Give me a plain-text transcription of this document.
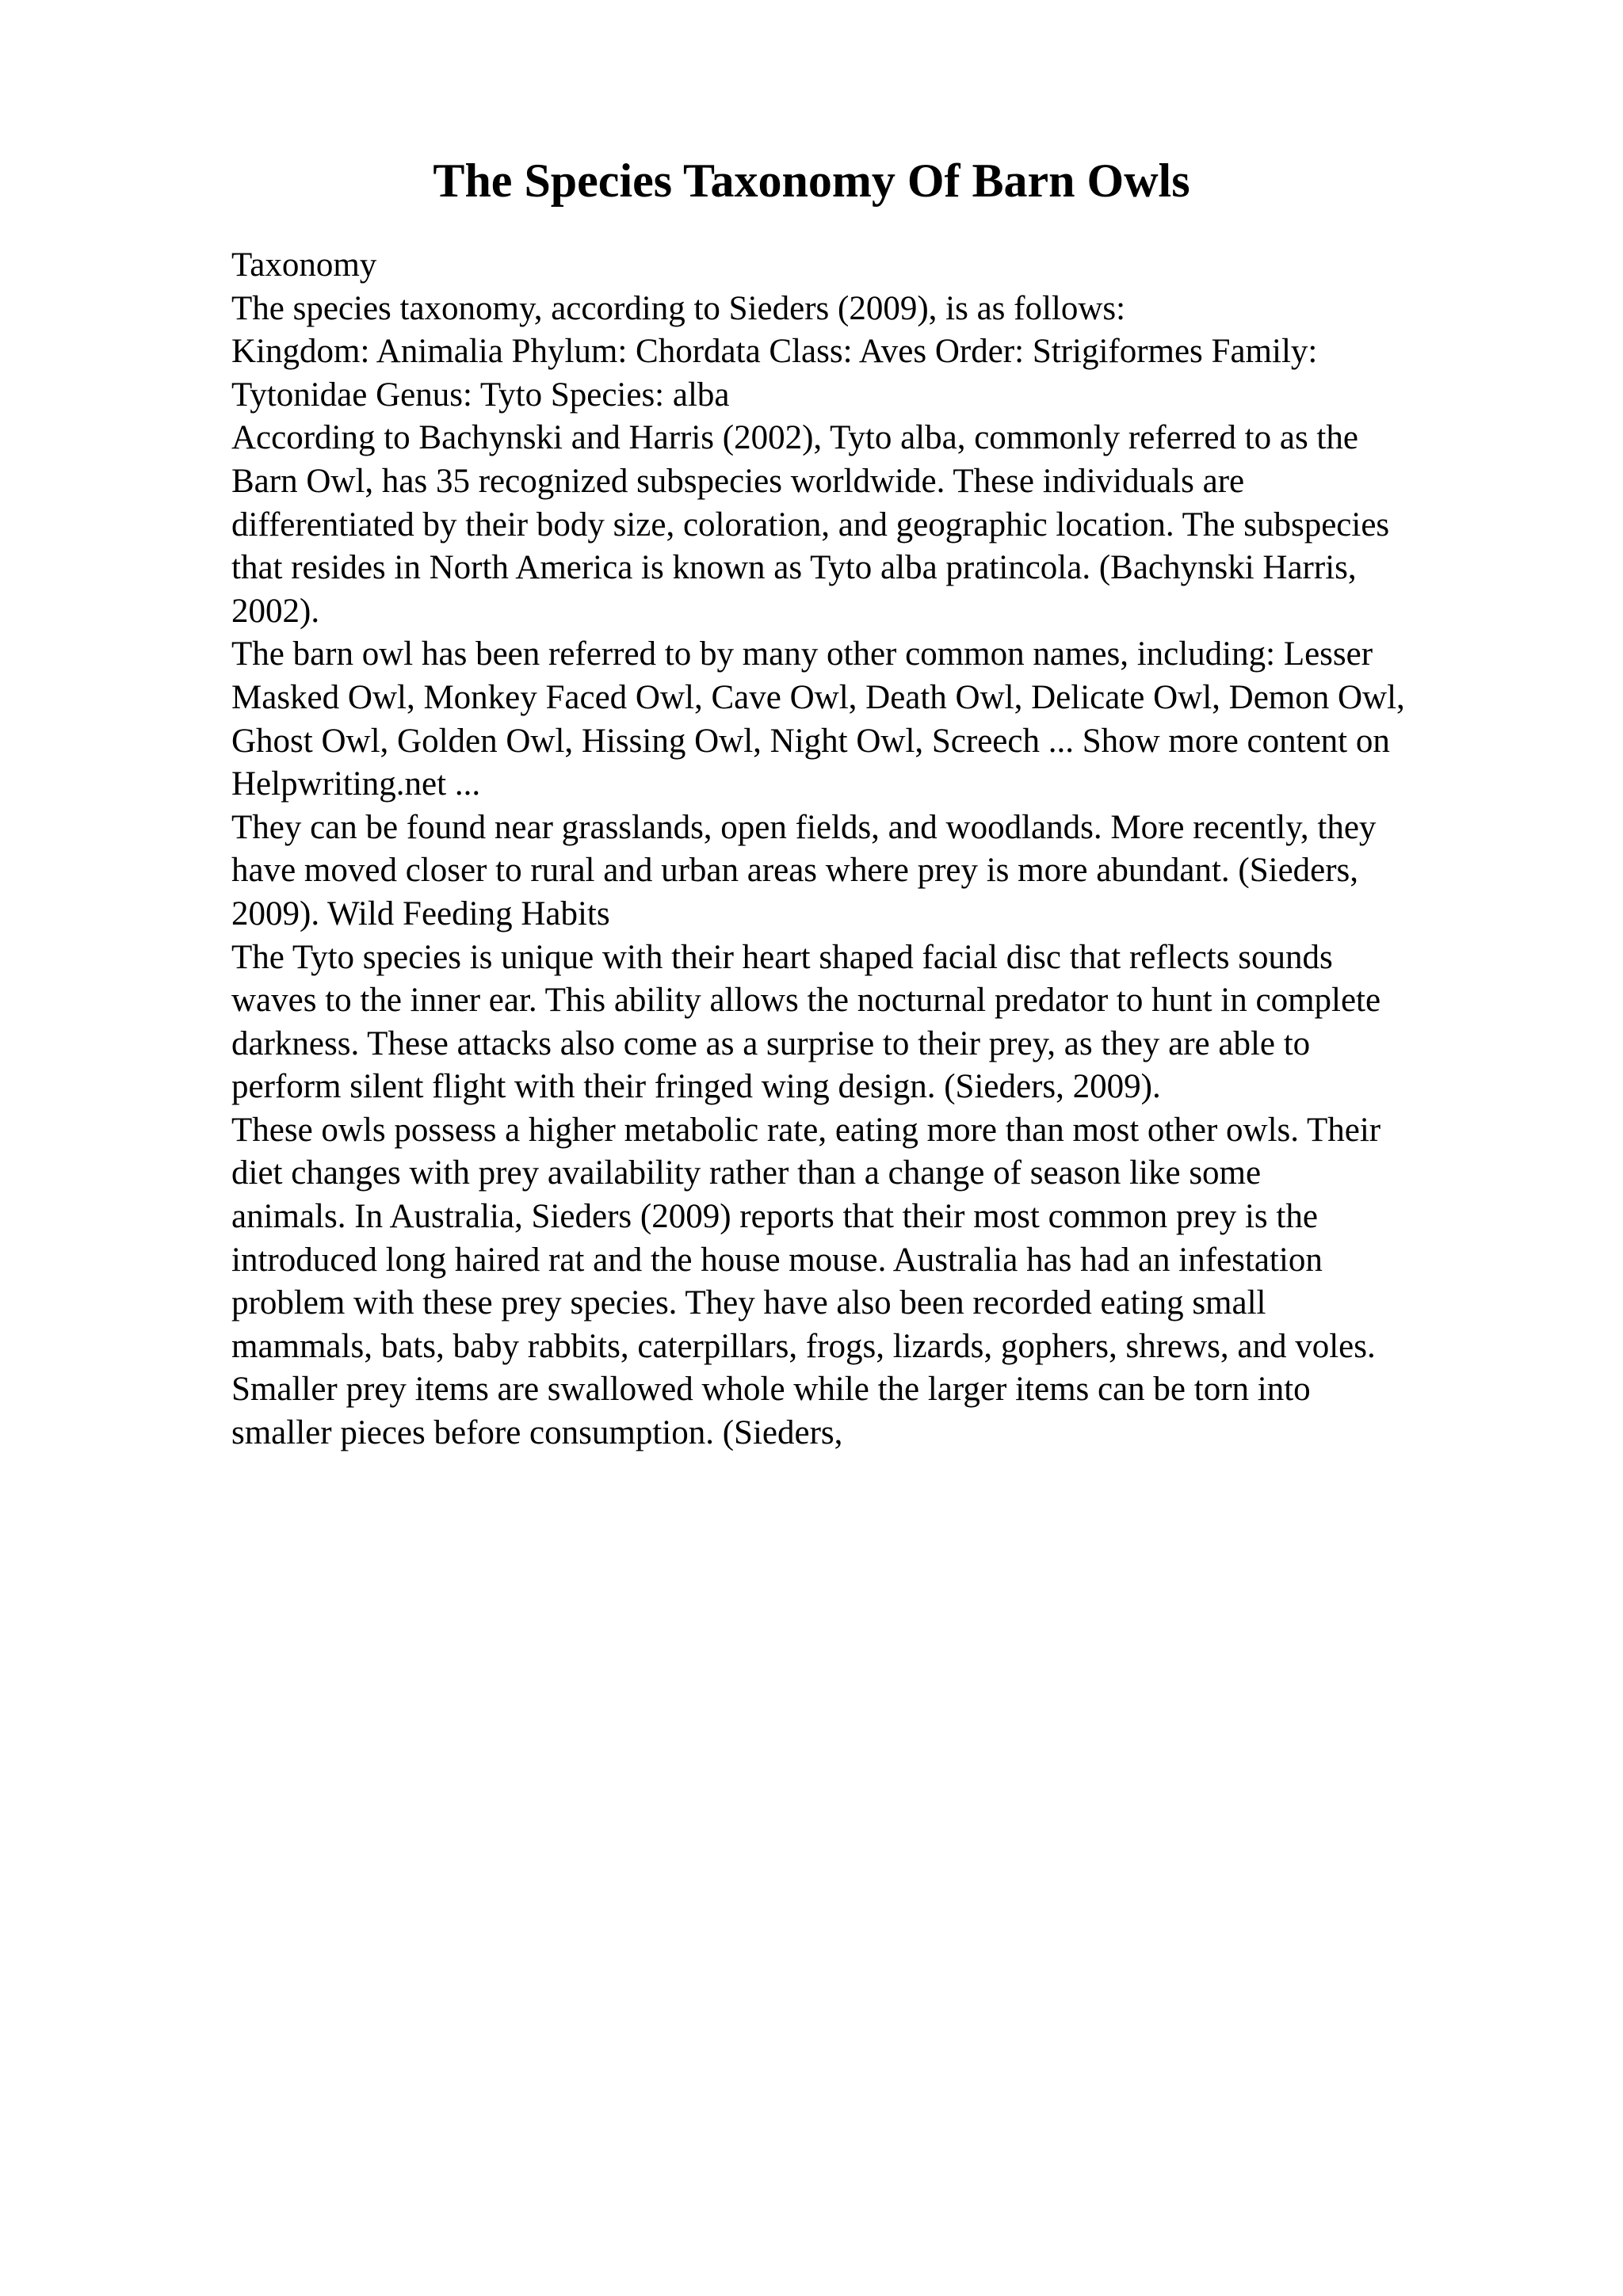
The Species Taxonomy Of Barn Owls
Taxonomy
The species taxonomy, according to Sieders (2009), is as follows:
Kingdom: Animalia Phylum: Chordata Class: Aves Order: Strigiformes Family:
Tytonidae Genus: Tyto Species: alba
According to Bachynski and Harris (2002), Tyto alba, commonly referred to as the
Barn Owl, has 35 recognized subspecies worldwide. These individuals are
differentiated by their body size, coloration, and geographic location. The subspecies
that resides in North America is known as Tyto alba pratincola. (Bachynski Harris,
2002).
The barn owl has been referred to by many other common names, including: Lesser
Masked Owl, Monkey Faced Owl, Cave Owl, Death Owl, Delicate Owl, Demon Owl,
Ghost Owl, Golden Owl, Hissing Owl, Night Owl, Screech ... Show more content on
Helpwriting.net ...
They can be found near grasslands, open fields, and woodlands. More recently, they
have moved closer to rural and urban areas where prey is more abundant. (Sieders,
2009). Wild Feeding Habits
The Tyto species is unique with their heart shaped facial disc that reflects sounds
waves to the inner ear. This ability allows the nocturnal predator to hunt in complete
darkness. These attacks also come as a surprise to their prey, as they are able to
perform silent flight with their fringed wing design. (Sieders, 2009).
These owls possess a higher metabolic rate, eating more than most other owls. Their
diet changes with prey availability rather than a change of season like some
animals. In Australia, Sieders (2009) reports that their most common prey is the
introduced long haired rat and the house mouse. Australia has had an infestation
problem with these prey species. They have also been recorded eating small
mammals, bats, baby rabbits, caterpillars, frogs, lizards, gophers, shrews, and voles.
Smaller prey items are swallowed whole while the larger items can be torn into
smaller pieces before consumption. (Sieders,
